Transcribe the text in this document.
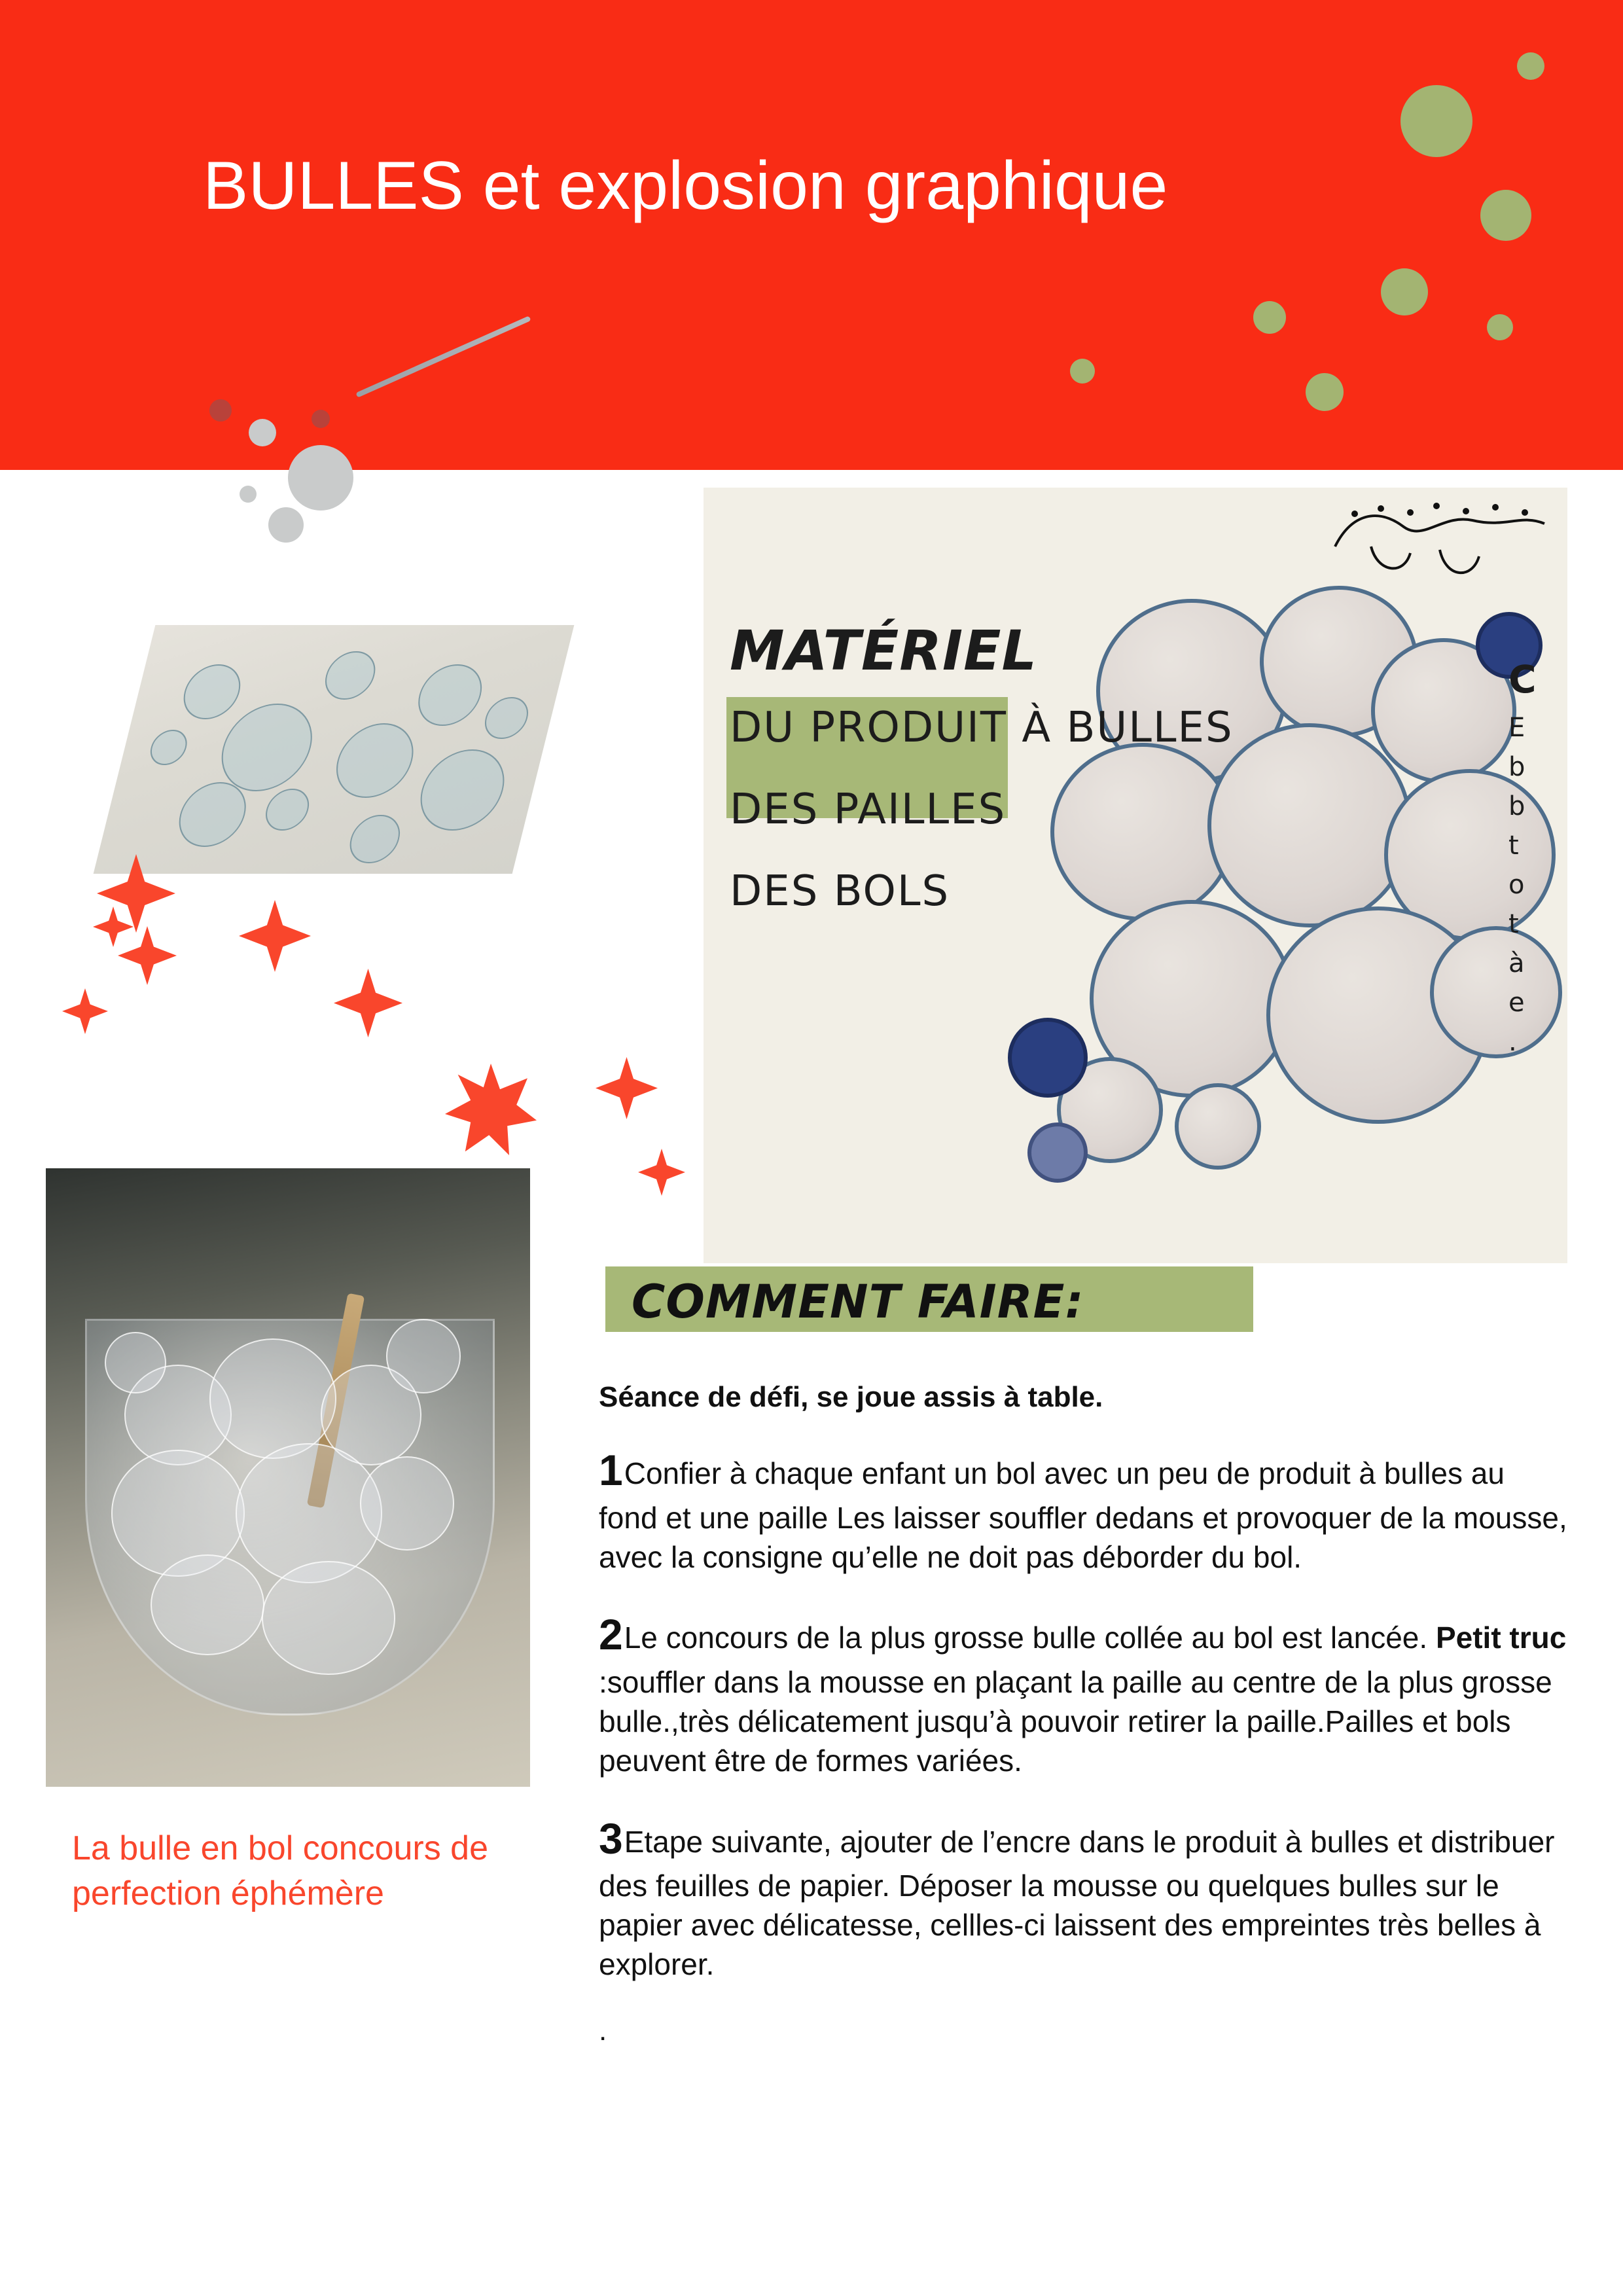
BULLES et explosion graphique
MATÉRIEL
DU PRODUIT À BULLES
DES PAILLES
DES BOLS
C
E
b
b
t
o
t
à
e
.
La bulle en bol concours de perfection éphémère
COMMENT FAIRE:

Séance de défi, se joue assis à table.

1Confier à chaque enfant un bol avec un peu de produit à bulles au fond et une paille Les laisser souffler dedans et provoquer de la mousse, avec la consigne qu’elle ne doit pas déborder du bol.

2Le concours de la plus grosse bulle collée au bol est lancée. Petit truc :souffler dans la mousse en plaçant la paille au centre de la plus grosse bulle.,très délicatement jusqu’à pouvoir retirer la paille.Pailles et bols peuvent être de formes variées.

3Etape suivante, ajouter de l’encre dans le produit à bulles et distribuer des feuilles de papier. Déposer la mousse ou quelques bulles sur le papier avec délicatesse, cellles-ci laissent des empreintes très belles à explorer.

.
